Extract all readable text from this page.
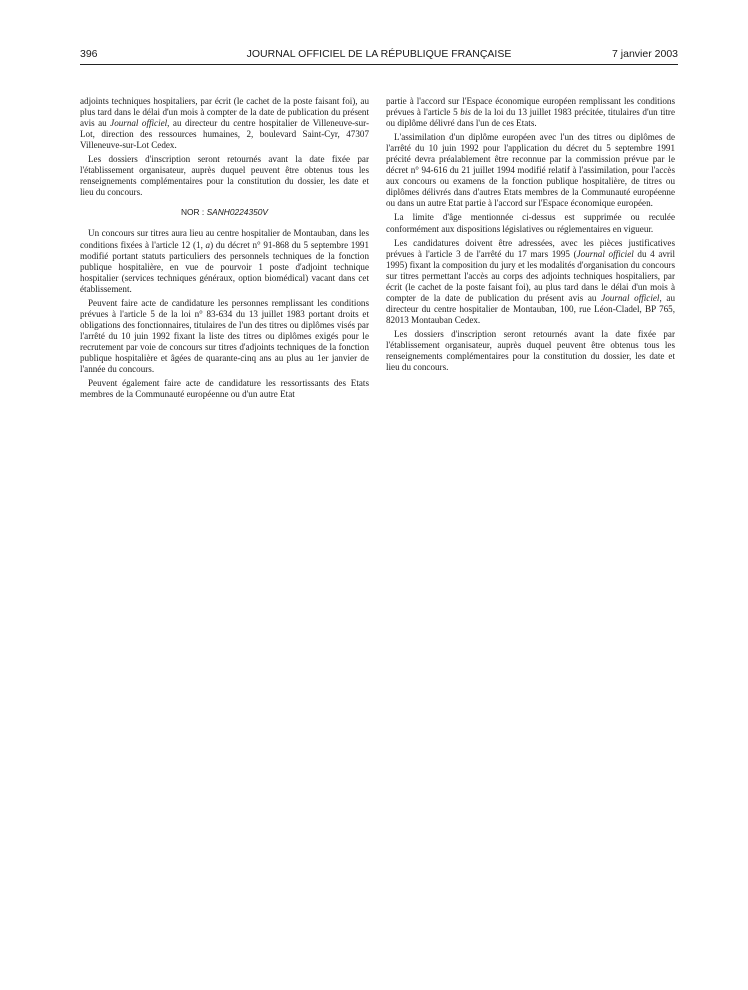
396	JOURNAL OFFICIEL DE LA RÉPUBLIQUE FRANÇAISE	7 janvier 2003

adjoints techniques hospitaliers, par écrit (le cachet de la poste faisant foi), au plus tard dans le délai d'un mois à compter de la date de publication du présent avis au Journal officiel, au directeur du centre hospitalier de Villeneuve-sur-Lot, direction des ressources humaines, 2, boulevard Saint-Cyr, 47307 Villeneuve-sur-Lot Cedex.

Les dossiers d'inscription seront retournés avant la date fixée par l'établissement organisateur, auprès duquel peuvent être obtenus tous les renseignements complémentaires pour la constitution du dossier, les date et lieu du concours.

NOR : SANH0224350V

Un concours sur titres aura lieu au centre hospitalier de Montauban, dans les conditions fixées à l'article 12 (1, a) du décret n° 91-868 du 5 septembre 1991 modifié portant statuts particuliers des personnels techniques de la fonction publique hospitalière, en vue de pourvoir 1 poste d'adjoint technique hospitalier (services techniques généraux, option biomédical) vacant dans cet établissement.

Peuvent faire acte de candidature les personnes remplissant les conditions prévues à l'article 5 de la loi n° 83-634 du 13 juillet 1983 portant droits et obligations des fonctionnaires, titulaires de l'un des titres ou diplômes visés par l'arrêté du 10 juin 1992 fixant la liste des titres ou diplômes exigés pour le recrutement par voie de concours sur titres d'adjoints techniques de la fonction publique hospitalière et âgées de quarante-cinq ans au plus au 1er janvier de l'année du concours.

Peuvent également faire acte de candidature les ressortissants des Etats membres de la Communauté européenne ou d'un autre Etat

partie à l'accord sur l'Espace économique européen remplissant les conditions prévues à l'article 5 bis de la loi du 13 juillet 1983 précitée, titulaires d'un titre ou diplôme délivré dans l'un de ces Etats.

L'assimilation d'un diplôme européen avec l'un des titres ou diplômes de l'arrêté du 10 juin 1992 pour l'application du décret du 5 septembre 1991 précité devra préalablement être reconnue par la commission prévue par le décret n° 94-616 du 21 juillet 1994 modifié relatif à l'assimilation, pour l'accès aux concours ou examens de la fonction publique hospitalière, de titres ou diplômes délivrés dans d'autres Etats membres de la Communauté européenne ou dans un autre Etat partie à l'accord sur l'Espace économique européen.

La limite d'âge mentionnée ci-dessus est supprimée ou reculée conformément aux dispositions législatives ou réglementaires en vigueur.

Les candidatures doivent être adressées, avec les pièces justificatives prévues à l'article 3 de l'arrêté du 17 mars 1995 (Journal officiel du 4 avril 1995) fixant la composition du jury et les modalités d'organisation du concours sur titres permettant l'accès au corps des adjoints techniques hospitaliers, par écrit (le cachet de la poste faisant foi), au plus tard dans le délai d'un mois à compter de la date de publication du présent avis au Journal officiel, au directeur du centre hospitalier de Montauban, 100, rue Léon-Cladel, BP 765, 82013 Montauban Cedex.

Les dossiers d'inscription seront retournés avant la date fixée par l'établissement organisateur, auprès duquel peuvent être obtenus tous les renseignements complémentaires pour la constitution du dossier, les date et lieu du concours.
